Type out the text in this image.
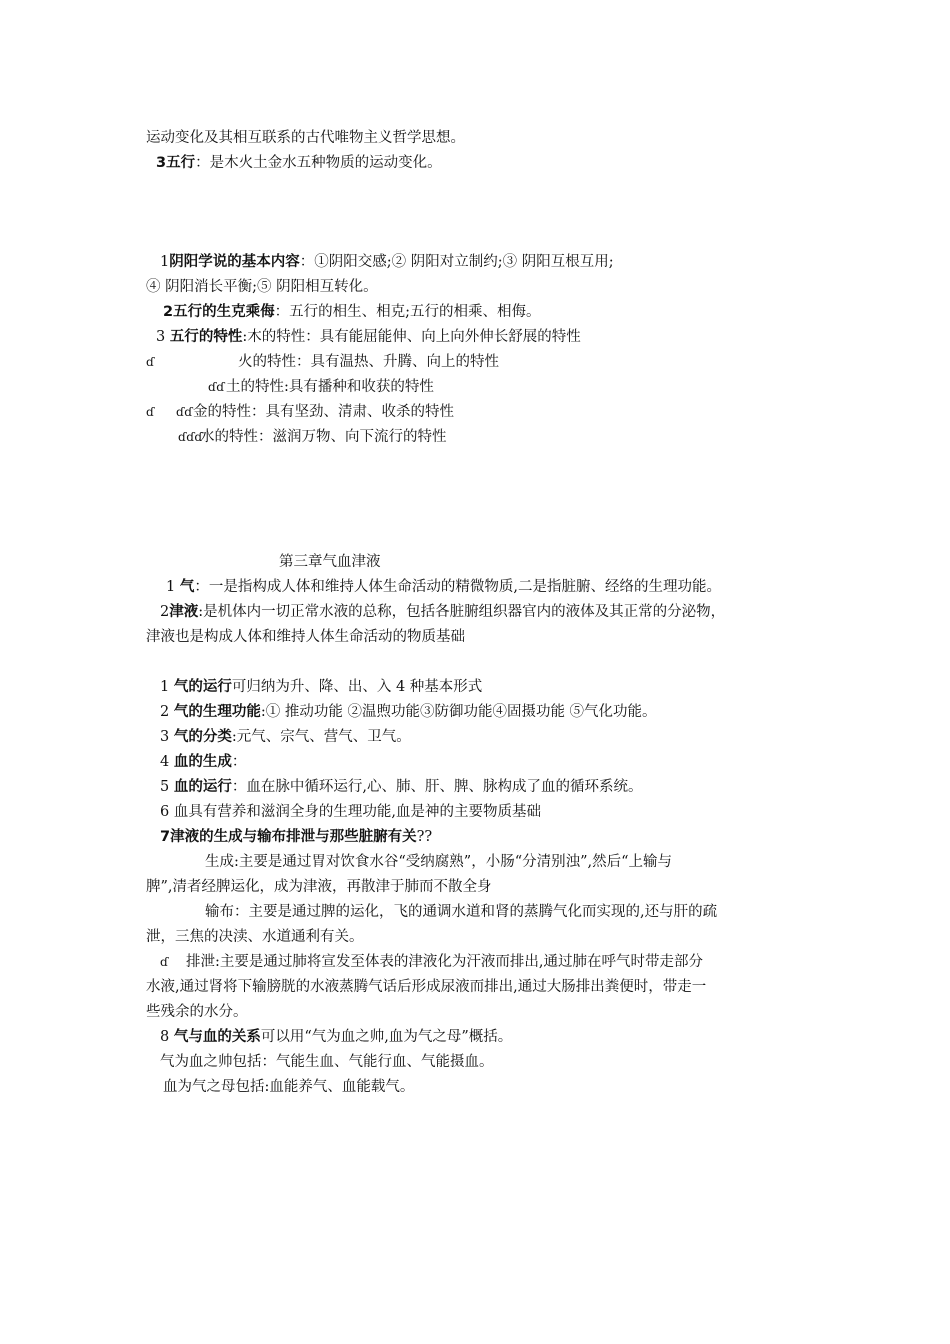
运动变化及其相互联系的古代唯物主义哲学思想。
3五行：是木火土金水五种物质的运动变化。
1阴阳学说的基本内容：①阴阳交感;② 阴阳对立制约;③ 阴阳互根互用;
④ 阴阳消长平衡;⑤ 阴阳相互转化。
2五行的生克乘侮：五行的相生、相克;五行的相乘、相侮。
3 五行的特性:木的特性：具有能屈能伸、向上向外伸长舒展的特性
ɗ	火的特性：具有温热、升腾、向上的特性
ɗɗ 土的特性:具有播种和收获的特性
ɗ ɗɗ 金的特性：具有坚劲、清肃、收杀的特性
ɗɗɗ
水的特性：滋润万物、向下流行的特性
第三章气血津液
1 气：一是指构成人体和维持人体生命活动的精微物质,二是指脏腑、经络的生理功能。
2津液:是机体内一切正常水液的总称，包括各脏腑组织器官内的液体及其正常的分泌物，
津液也是构成人体和维持人体生命活动的物质基础
1 气的运行可归纳为升、降、出、入 4 种基本形式
2 气的生理功能:① 推动功能 ②温煦功能③防御功能④固摄功能 ⑤气化功能。
3 气的分类:元气、宗气、营气、卫气。
4 血的生成：
5 血的运行：血在脉中循环运行,心、肺、肝、脾、脉构成了血的循环系统。
6 血具有营养和滋润全身的生理功能,血是神的主要物质基础
7津液的生成与输布排泄与那些脏腑有关??
生成:主要是通过胃对饮食水谷“受纳腐熟”，小肠“分清别浊”,然后“上输与
脾”,清者经脾运化，成为津液，再散津于肺而不散全身
输布：主要是通过脾的运化，飞的通调水道和肾的蒸腾气化而实现的,还与肝的疏
泄，三焦的决渎、水道通利有关。
ɗ 排泄:主要是通过肺将宣发至体表的津液化为汗液而排出,通过肺在呼气时带走部分
水液,通过肾将下输膀胱的水液蒸腾气话后形成尿液而排出,通过大肠排出粪便时，带走一
些残余的水分。
8 气与血的关系可以用“气为血之帅,血为气之母”概括。
气为血之帅包括：气能生血、气能行血、气能摄血。
血为气之母包括:血能养气、血能载气。
